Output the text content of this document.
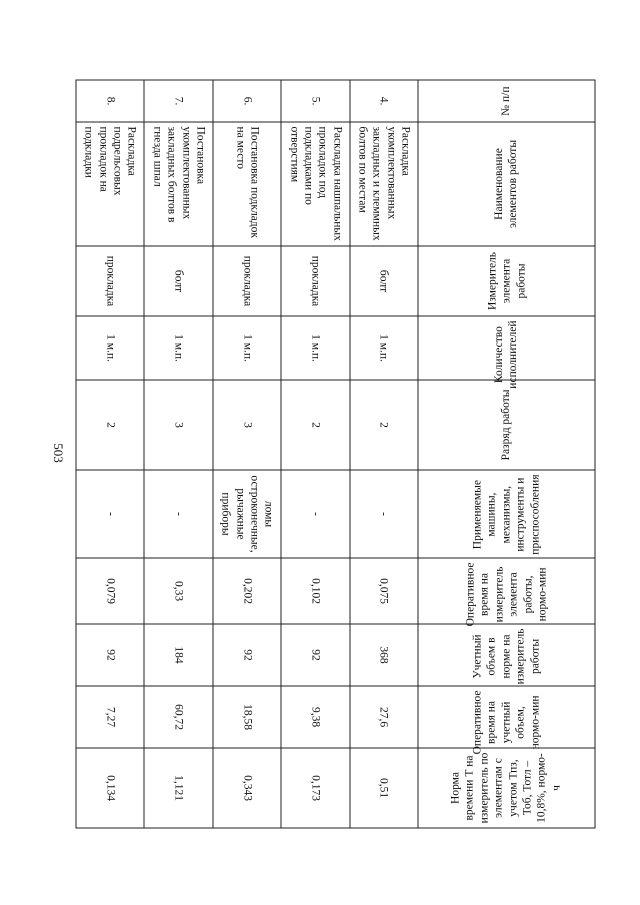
503
№ п/п	Наименование элементов работы	Измеритель элемента работы	Количество исполнителей	Разряд работы	Применяемые машины, механизмы, инструменты и приспособления	Оперативное время на измеритель элемента работы, нормо-мин	Учетный объем в норме на измеритель работы	Оперативное время на учетный объем, нормо-мин	Норма времени Т на измеритель по элементам с учетом Тпз, Тоб, Тотл – 10,8%, нормо-ч
4.	Раскладка укомплектованных закладных и клеммных болтов по местам	болт	1 м.п.	2	-	0,075	368	27,6	0,51
5.	Раскладка нашпальных прокладок под подкладками по отверстиям	прокладка	1 м.п.	2	-	0,102	92	9,38	0,173
6.	Постановка подкладок на место	прокладка	1 м.п.	3	ломы остроконечные, рычажные приборы	0,202	92	18,58	0,343
7.	Постановка укомплектованных закладных болтов в гнезда шпал	болт	1 м.п.	3	-	0,33	184	60,72	1,121
8.	Раскладка подрельсовых прокладок на подкладки	прокладка	1 м.п.	2	-	0,079	92	7,27	0,134
